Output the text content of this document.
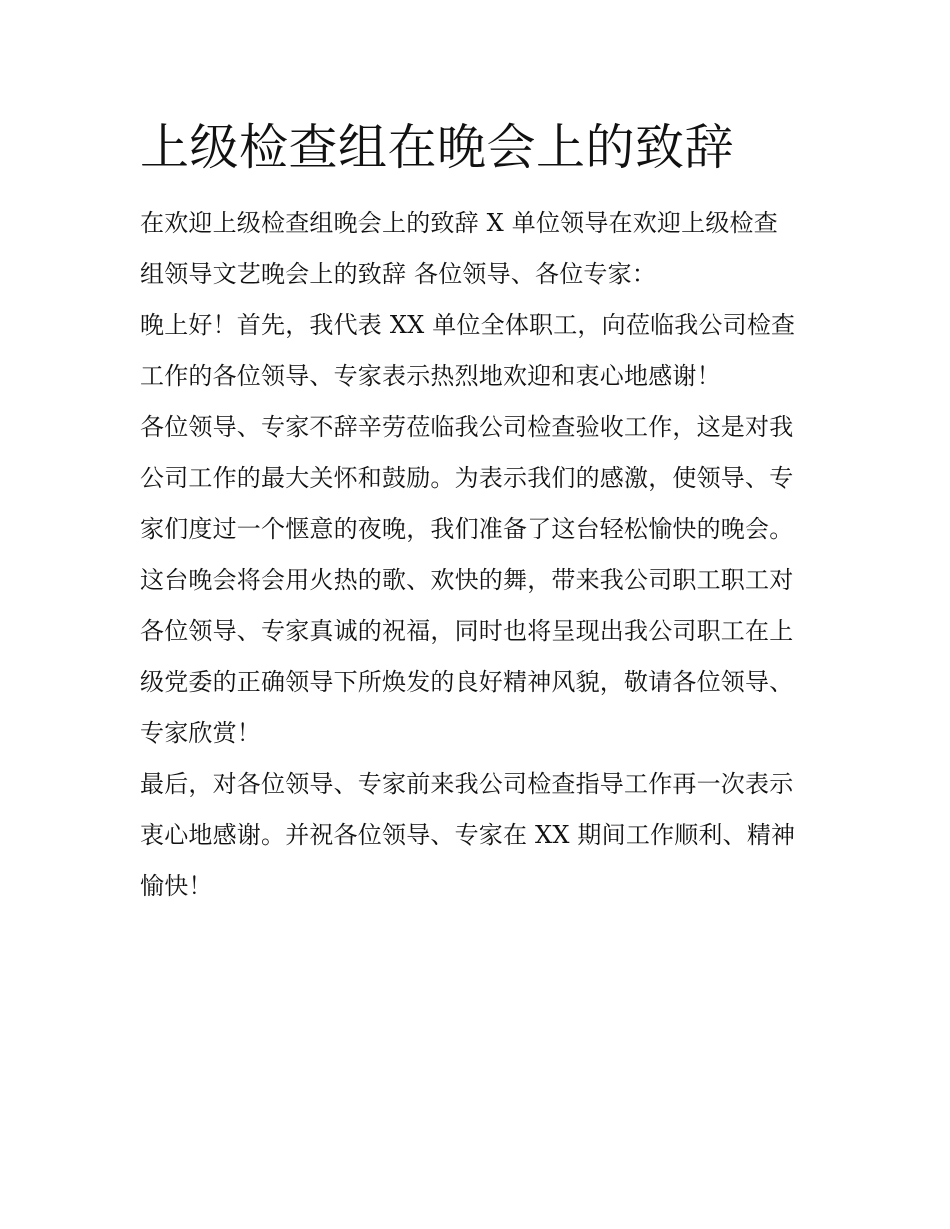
上级检查组在晚会上的致辞
在欢迎上级检查组晚会上的致辞 X 单位领导在欢迎上级检查
组领导文艺晚会上的致辞 各位领导、各位专家：
晚上好！首先，我代表 XX 单位全体职工，向莅临我公司检查
工作的各位领导、专家表示热烈地欢迎和衷心地感谢！
各位领导、专家不辞辛劳莅临我公司检查验收工作，这是对我
公司工作的最大关怀和鼓励。为表示我们的感激，使领导、专
家们度过一个惬意的夜晚，我们准备了这台轻松愉快的晚会。
这台晚会将会用火热的歌、欢快的舞，带来我公司职工职工对
各位领导、专家真诚的祝福，同时也将呈现出我公司职工在上
级党委的正确领导下所焕发的良好精神风貌，敬请各位领导、
专家欣赏！
最后，对各位领导、专家前来我公司检查指导工作再一次表示
衷心地感谢。并祝各位领导、专家在 XX 期间工作顺利、精神
愉快！
